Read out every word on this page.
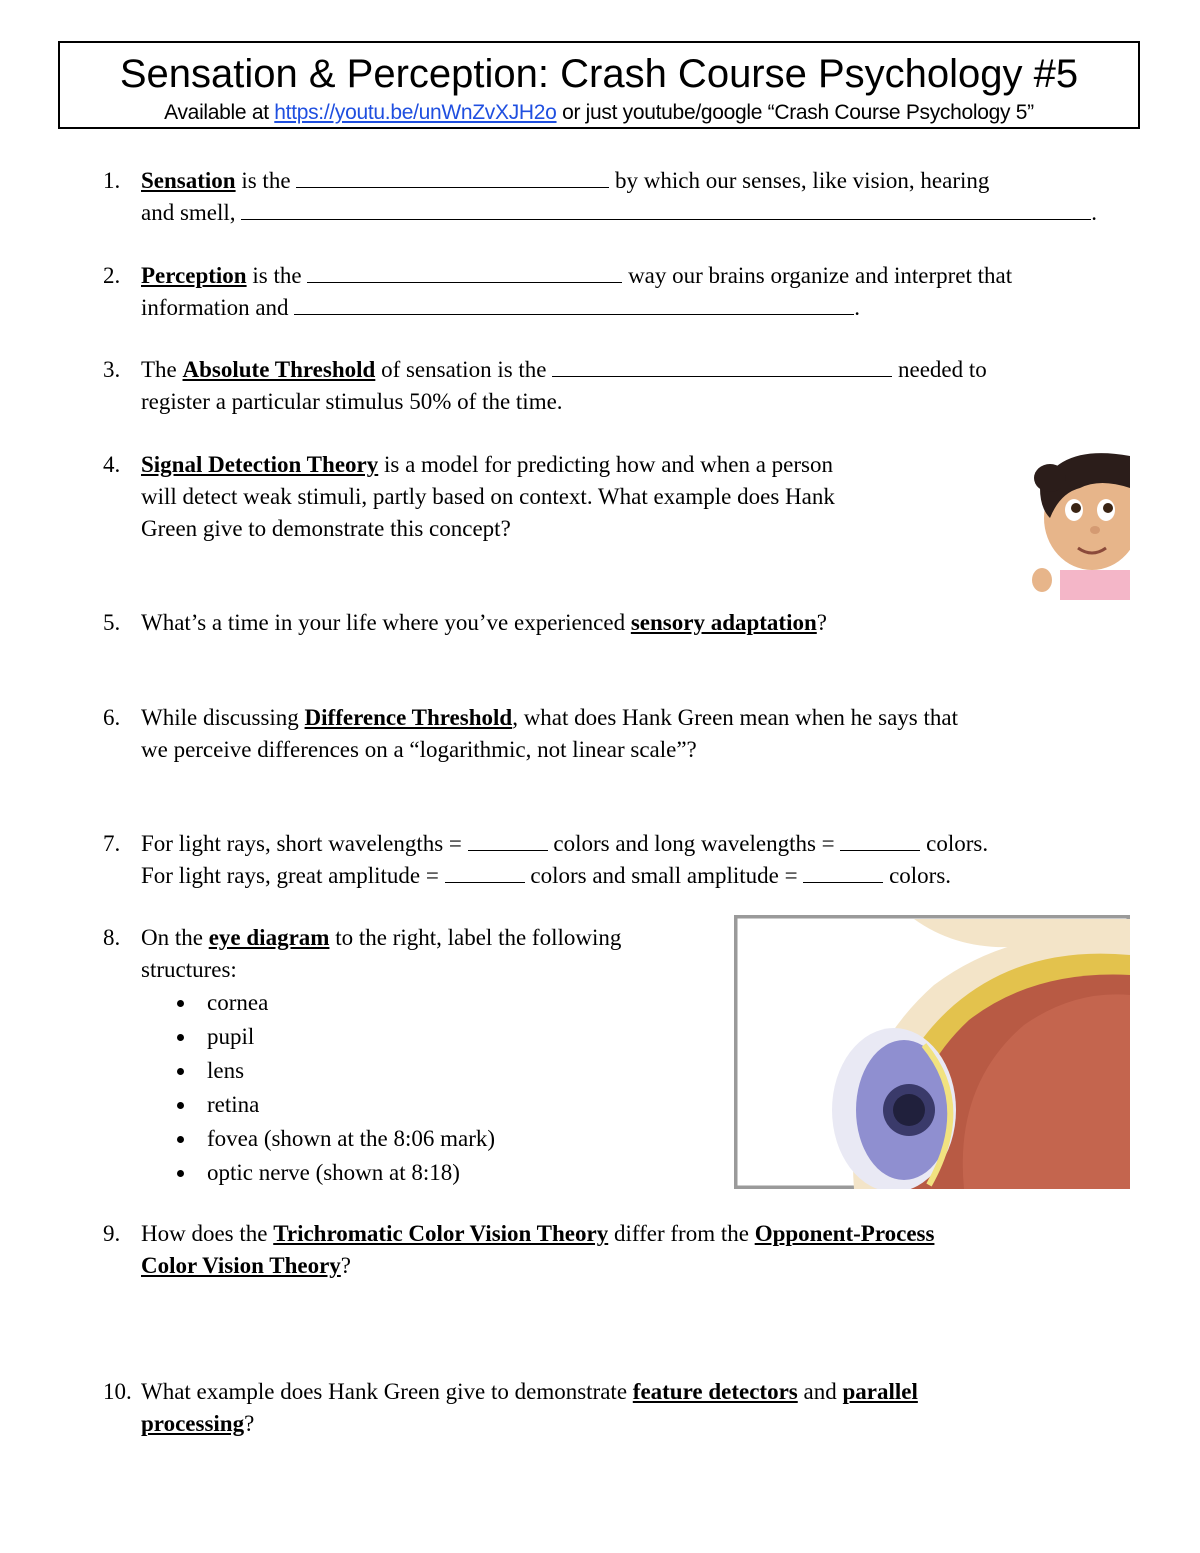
Sensation & Perception: Crash Course Psychology #5
Available at https://youtu.be/unWnZvXJH2o or just youtube/google “Crash Course Psychology 5”
1. Sensation is the	by which our senses, like vision, hearing
and smell,	.
2. Perception is the	way our brains organize and interpret that
information and	.
3. The Absolute Threshold of sensation is the	needed to
register a particular stimulus 50% of the time.
4. Signal Detection Theory is a model for predicting how and when a person
will detect weak stimuli, partly based on context. What example does Hank
Green give to demonstrate this concept?
5. What’s a time in your life where you’ve experienced sensory adaptation?
6. While discussing Difference Threshold, what does Hank Green mean when he says that
we perceive differences on a “logarithmic, not linear scale”?
7. For light rays, short wavelengths =	colors and long wavelengths =	colors.
For light rays, great amplitude =	colors and small amplitude =	colors.
8. On the eye diagram to the right, label the following
structures:
cornea
pupil
lens
retina
fovea (shown at the 8:06 mark)
optic nerve (shown at 8:18)
9. How does the Trichromatic Color Vision Theory differ from the Opponent-Process
Color Vision Theory?
10. What example does Hank Green give to demonstrate feature detectors and parallel
processing?
